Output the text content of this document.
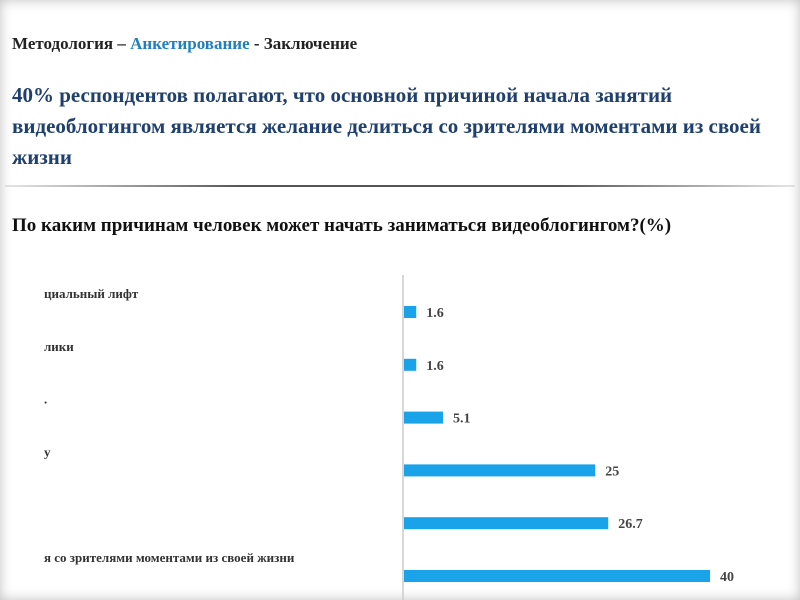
Методология – Анкетирование - Заключение
40% респондентов полагают, что основной причиной начала занятий видеоблогингом является желание делиться со зрителями моментами из своей жизни
По каким причинам человек может начать заниматься видеоблогингом?(%)
1.6
циальный лифт
1.6
лики
5.1
.
25
у
26.7
40
я со зрителями моментами из своей жизни
